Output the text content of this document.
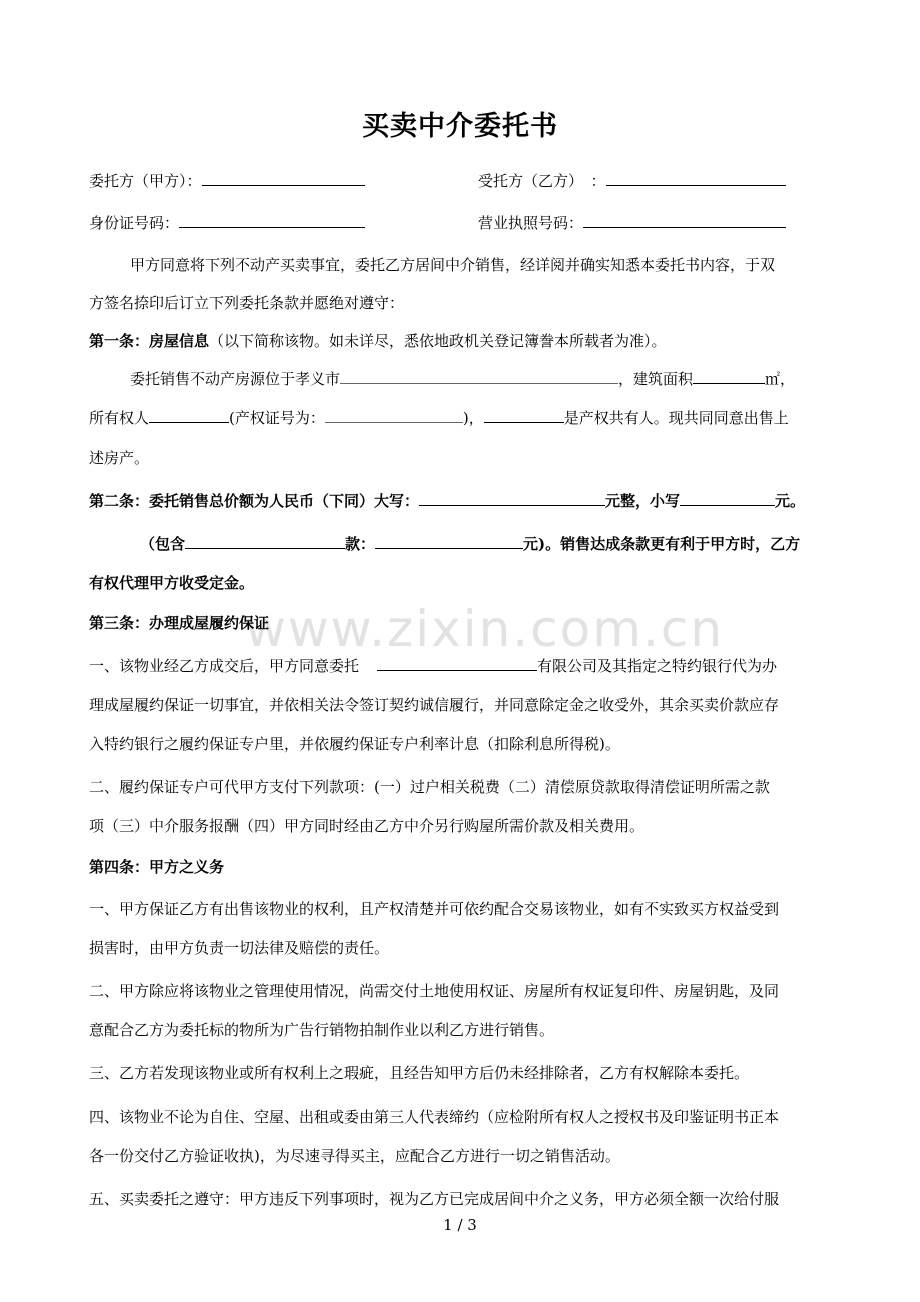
www.zixin.com.cn
买卖中介委托书
委托方（甲方）：	受托方（乙方）　：
身份证号码：	营业执照号码：
甲方同意将下列不动产买卖事宜，委托乙方居间中介销售，经详阅并确实知悉本委托书内容，于双
方签名捺印后订立下列委托条款并愿绝对遵守：
第一条：房屋信息（以下简称该物。如未详尽，悉依地政机关登记簿誊本所载者为准）。
委托销售不动产房源位于孝义市	，建筑面积	㎡，
所有权人	(产权证号为：	)，	是产权共有人。现共同同意出售上
述房产。
第二条：委托销售总价额为人民币（下同）大写：	元整，小写	元。
（包含	款：	元)。销售达成条款更有利于甲方时，乙方
有权代理甲方收受定金。
第三条：办理成屋履约保证
一、该物业经乙方成交后，甲方同意委托	有限公司及其指定之特约银行代为办
理成屋履约保证一切事宜，并依相关法令签订契约诚信履行，并同意除定金之收受外，其余买卖价款应存
入特约银行之履约保证专户里，并依履约保证专户利率计息（扣除利息所得税)。
二、履约保证专户可代甲方支付下列款项：(一）过户相关税费（二）清偿原贷款取得清偿证明所需之款
项（三）中介服务报酬（四）甲方同时经由乙方中介另行购屋所需价款及相关费用。
第四条：甲方之义务
一、甲方保证乙方有出售该物业的权利，且产权清楚并可依约配合交易该物业，如有不实致买方权益受到
损害时，由甲方负责一切法律及赔偿的责任。
二、甲方除应将该物业之管理使用情况，尚需交付土地使用权证、房屋所有权证复印件、房屋钥匙，及同
意配合乙方为委托标的物所为广告行销物拍制作业以利乙方进行销售。
三、乙方若发现该物业或所有权利上之瑕疵，且经告知甲方后仍未经排除者，乙方有权解除本委托。
四、该物业不论为自住、空屋、出租或委由第三人代表缔约（应检附所有权人之授权书及印鉴证明书正本
各一份交付乙方验证收执)，为尽速寻得买主，应配合乙方进行一切之销售活动。
五、买卖委托之遵守：甲方违反下列事项时，视为乙方已完成居间中介之义务，甲方必须全额一次给付服
1 / 3
